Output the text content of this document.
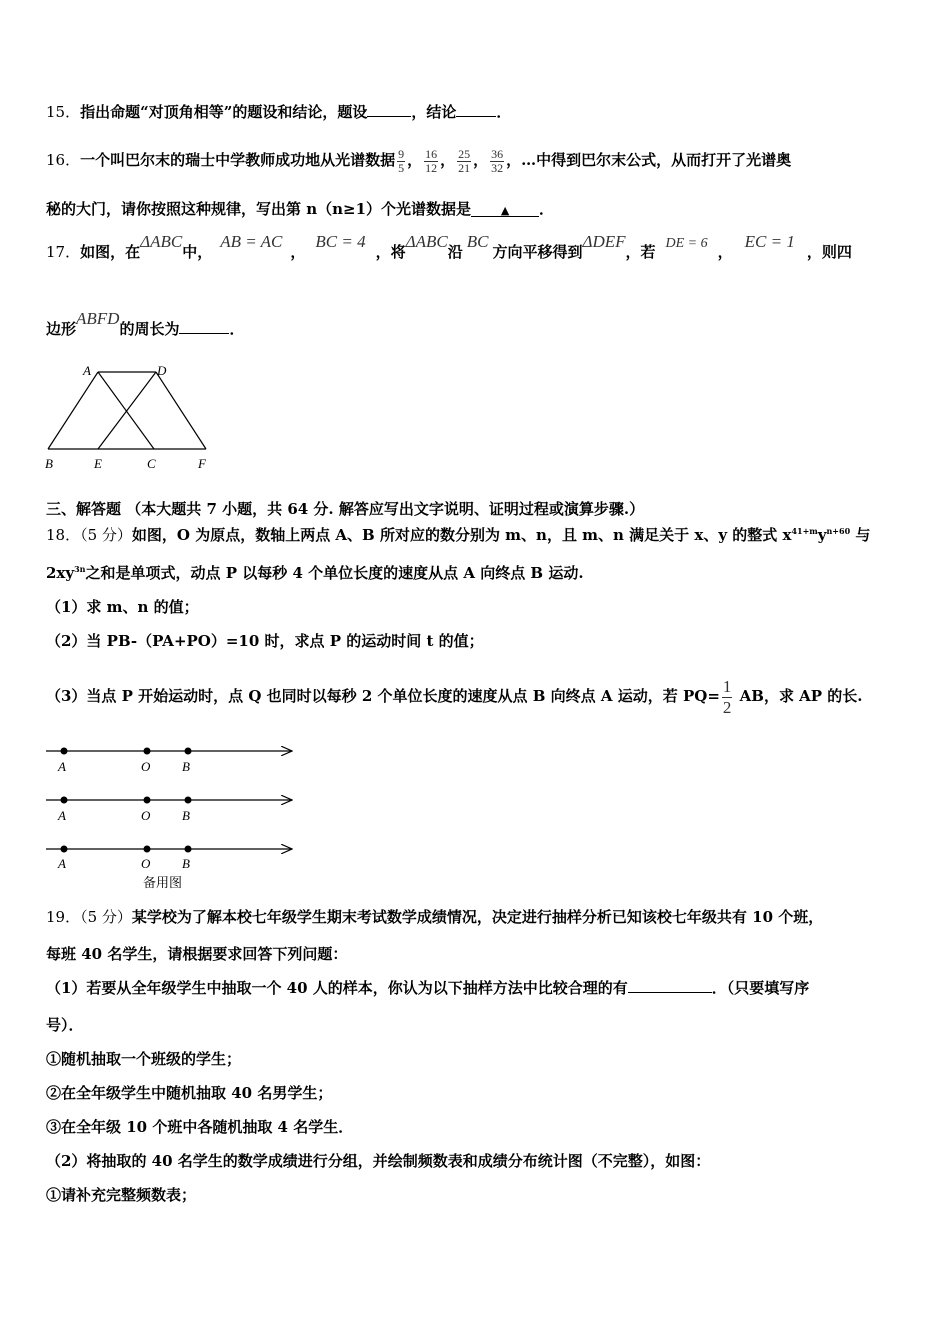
15．指出命题“对顶角相等”的题设和结论，题设	，结论	．
16．一个叫巴尔末的瑞士中学教师成功地从光谱数据 $\frac{9}{5}$ ， $\frac{16}{12}$ ， $\frac{25}{21}$ ， $\frac{36}{32}$ ，…中得到巴尔末公式，从而打开了光谱奥
秘的大门，请你按照这种规律，写出第 n（n≥1）个光谱数据是	▲ ．
17．如图，在ΔABC中，AB = AC，BC = 4，将ΔABC沿BC方向平移得到ΔDEF，若 DE = 6 ，EC = 1，则四
边形ABFD的周长为	．
A	D
B	E	C	F
三、解答题 （本大题共 7 小题，共 64 分. 解答应写出文字说明、证明过程或演算步骤.）
18．（5 分）如图，O 为原点，数轴上两点 A、B 所对应的数分别为 m、n，且 m、n 满足关于 x、y 的整式 $x^{41+m}y^{n+60}$ 与
$2xy^{3n}$之和是单项式，动点 P 以每秒 4 个单位长度的速度从点 A 向终点 B 运动.
（1）求 m、n 的值；
（2）当 PB-（PA+PO）=10 时，求点 P 的运动时间 t 的值；
（3）当点 P 开始运动时，点 Q 也同时以每秒 2 个单位长度的速度从点 B 向终点 A 运动，若 $PQ= \frac{1}{2}$ AB，求 AP 的长.
A	O B
A	O B
A	O B
备用图
19．（5 分）某学校为了解本校七年级学生期末考试数学成绩情况，决定进行抽样分析已知该校七年级共有 10 个班，
每班 40 名学生，请根据要求回答下列问题：
（1）若要从全年级学生中抽取一个 40 人的样本，你认为以下抽样方法中比较合理的有	．（只要填写序
号）．
①随机抽取一个班级的学生；
②在全年级学生中随机抽取 40 名男学生；
③在全年级 10 个班中各随机抽取 4 名学生．
（2）将抽取的 40 名学生的数学成绩进行分组，并绘制频数表和成绩分布统计图（不完整），如图：
①请补充完整频数表；
